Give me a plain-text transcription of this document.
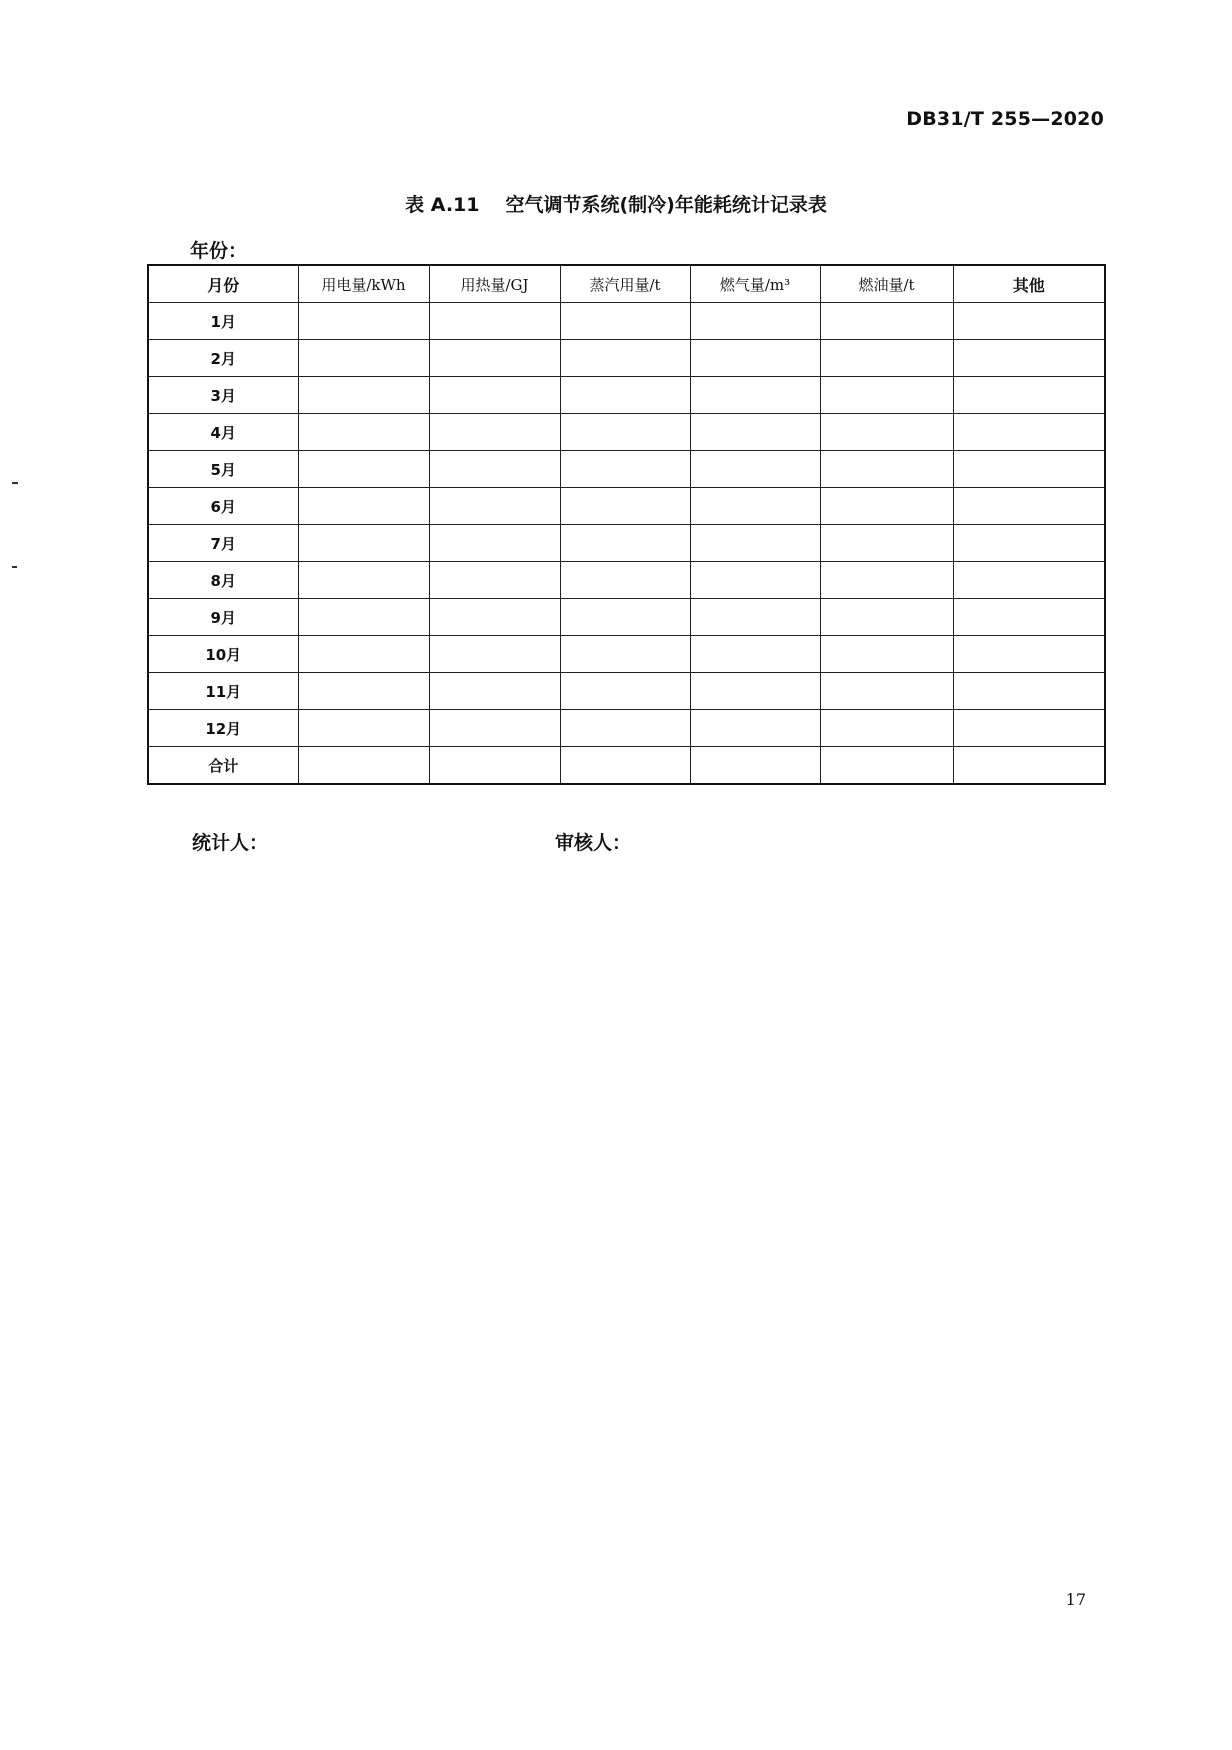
DB31/T 255—2020
表 A.11 空气调节系统(制冷)年能耗统计记录表
年份：
月份	用电量/kWh	用热量/GJ	蒸汽用量/t	燃气量/m³	燃油量/t	其他
1月						
2月						
3月						
4月						
5月						
6月						
7月						
8月						
9月						
10月						
11月						
12月						
合计						
统计人：	审核人：
17
